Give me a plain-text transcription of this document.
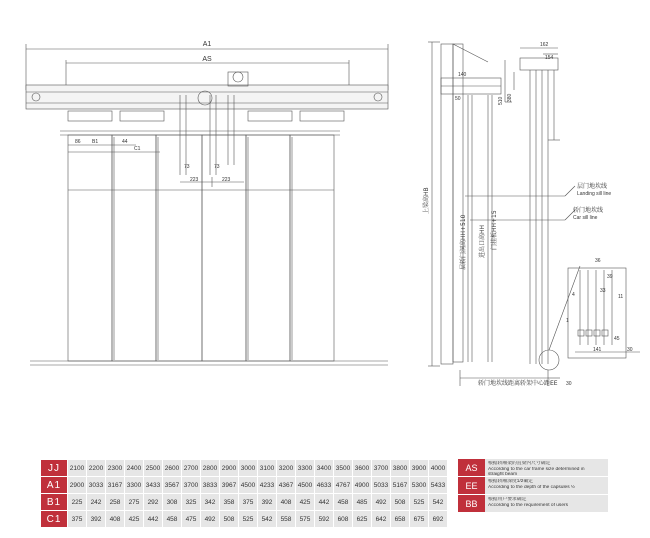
A1
AS
86 B1	44
C1
73	73
223	223
162
154
140
50	510 380
上梁高HB
层轿门洞高HH+510 进出口高HH 门挂板HH+15
层门地坎线
Landing sill line
轿门地坎线
Car sill line
36
39
33
4	11
1
45
141	30
轿门地坎线距离轿架中心距EE 30
JJ	2100	2200	2300	2400	2500	2600	2700	2800	2900	3000	3100	3200	3300	3400	3500	3600	3700	3800	3900	4000
A1	2900	3033	3167	3300	3433	3567	3700	3833	3967	4500	4233	4367	4500	4633	4767	4900	5033	5167	5300	5433
B1	225	242	258	275	292	308	325	342	358	375	392	408	425	442	458	485	492	508	525	542
C1	375	392	408	425	442	458	475	492	508	525	542	558	575	592	608	625	642	658	675	692
AS	根据轿厢架的直梁内尺寸确定
According to the car frame size determined in
straight beam
EE	根据轿厢深度1/2确定
According to the depth of the capsules ½
BB	根据用户要求确定
According to the requirement of users
